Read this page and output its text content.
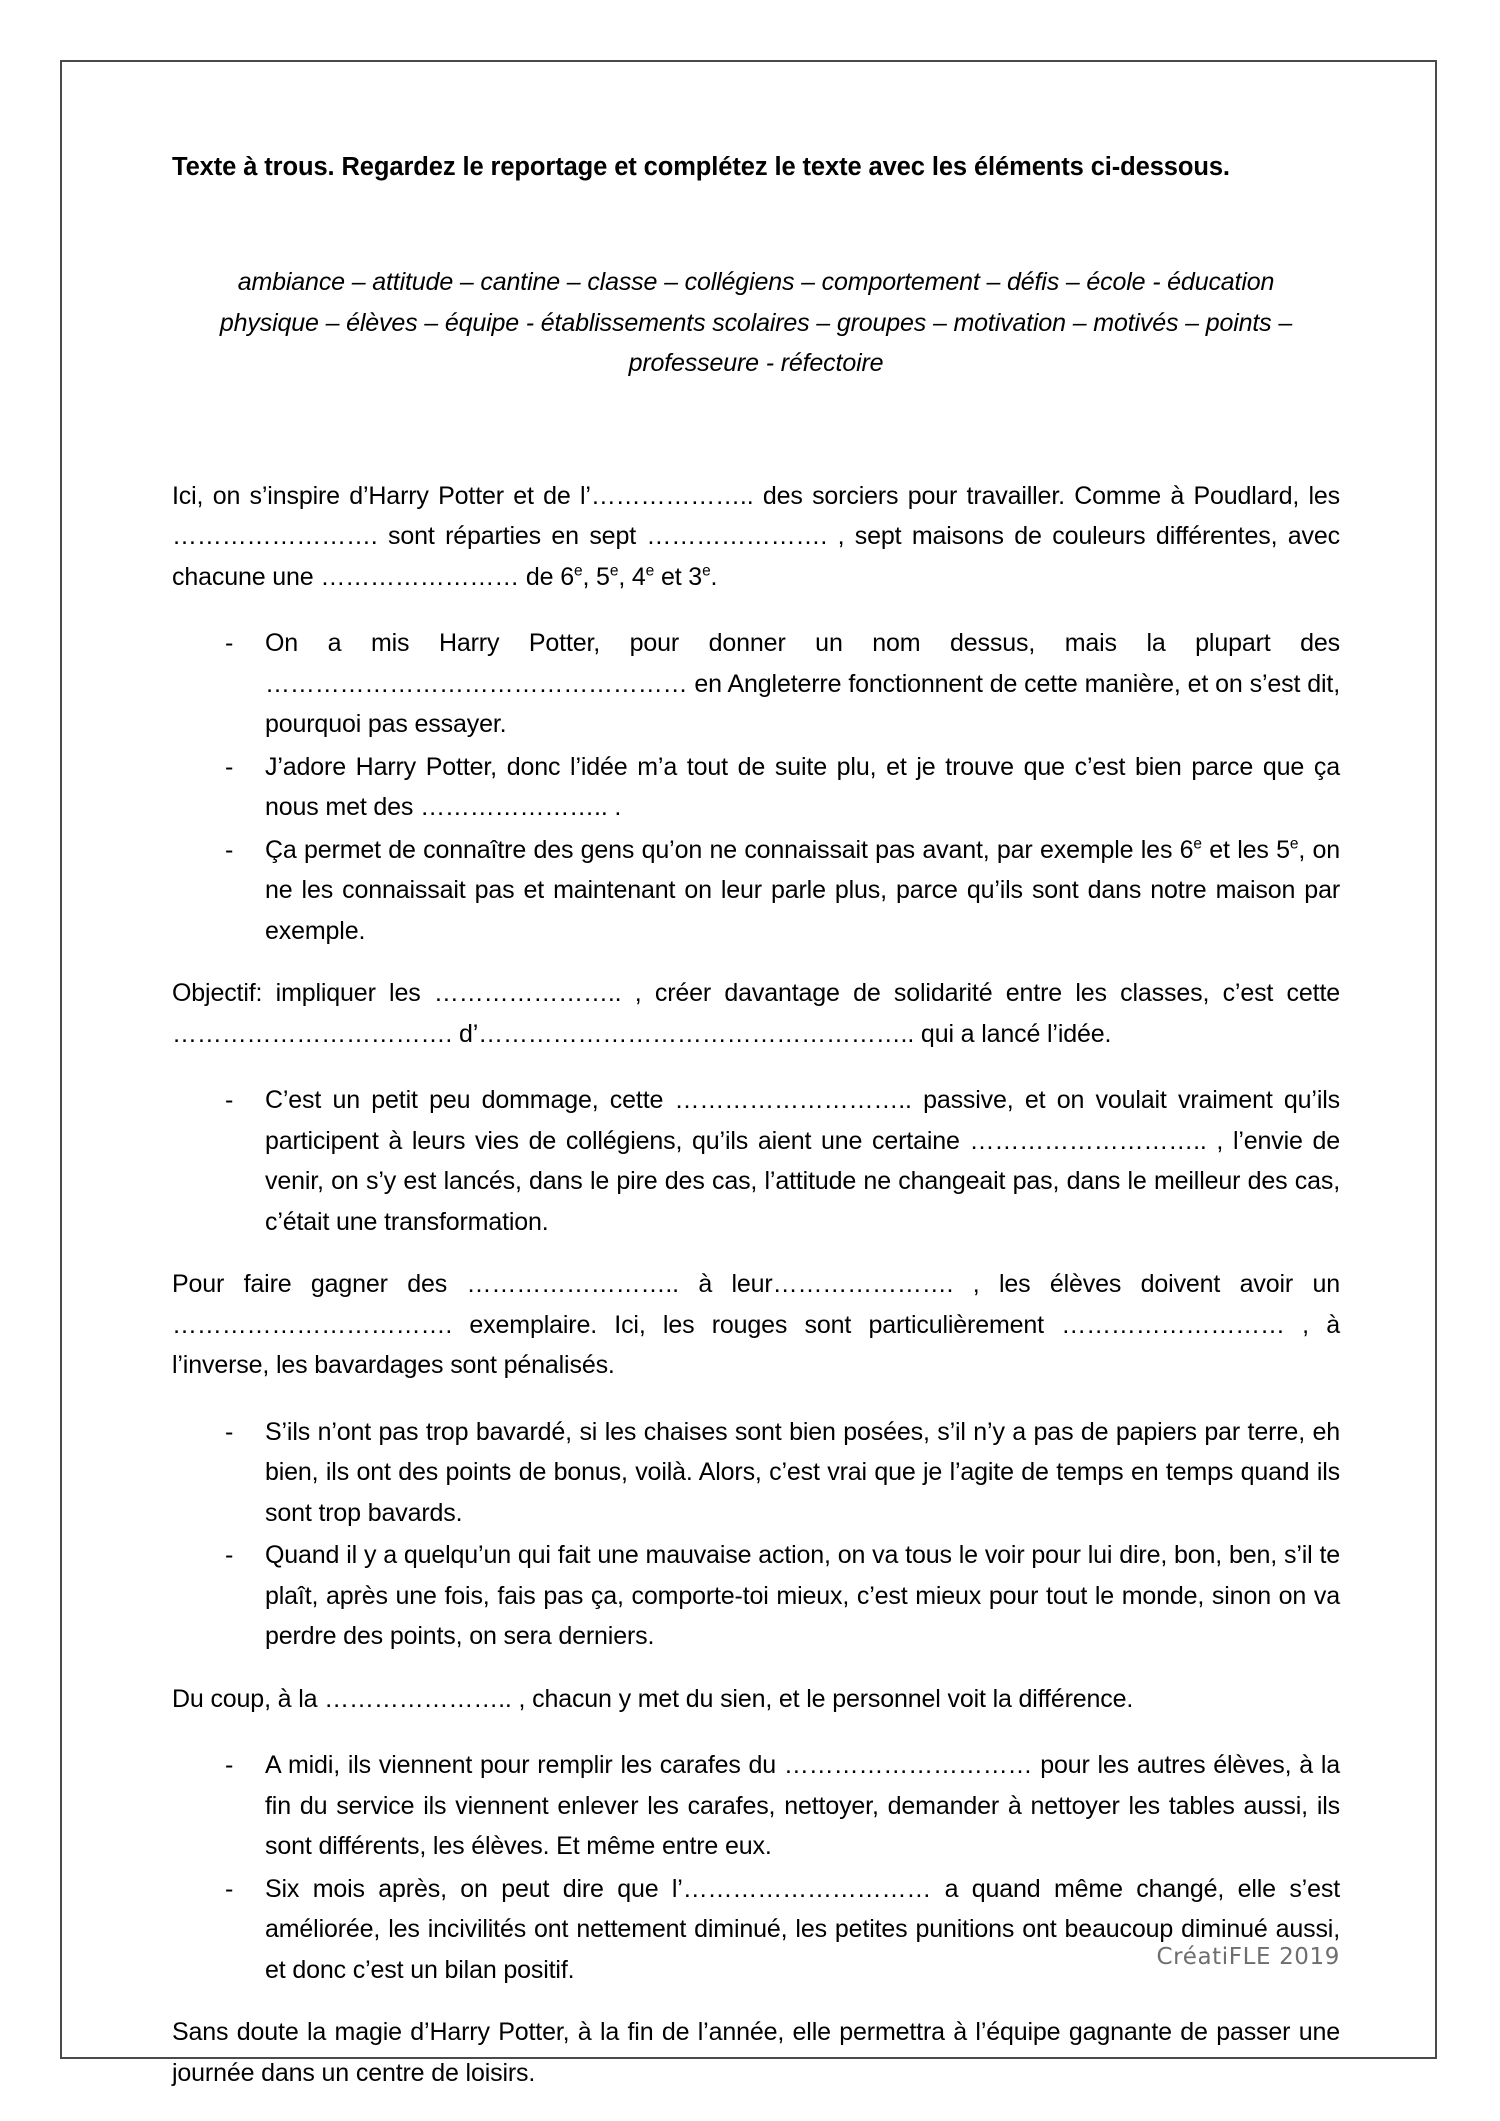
Texte à trous. Regardez le reportage et complétez le texte avec les éléments ci-dessous.
ambiance – attitude – cantine – classe – collégiens – comportement – défis – école - éducation physique – élèves – équipe - établissements scolaires – groupes – motivation – motivés – points – professeure - réfectoire

Ici, on s’inspire d’Harry Potter et de l’……………….. des sorciers pour travailler. Comme à Poudlard, les ……………………. sont réparties en sept …………………. , sept maisons de couleurs différentes, avec chacune une …………………… de 6e, 5e, 4e et 3e.

- On a mis Harry Potter, pour donner un nom dessus, mais la plupart des …………………………………………… en Angleterre fonctionnent de cette manière, et on s’est dit, pourquoi pas essayer.
- J’adore Harry Potter, donc l’idée m’a tout de suite plu, et je trouve que c’est bien parce que ça nous met des ………………….. .
- Ça permet de connaître des gens qu’on ne connaissait pas avant, par exemple les 6e et les 5e, on ne les connaissait pas et maintenant on leur parle plus, parce qu’ils sont dans notre maison par exemple.

Objectif: impliquer les ………………….. , créer davantage de solidarité entre les classes, c’est cette ……………………………. d’…………………………………………….. qui a lancé l’idée.

- C’est un petit peu dommage, cette ……………………….. passive, et on voulait vraiment qu’ils participent à leurs vies de collégiens, qu’ils aient une certaine ……………………….. , l’envie de venir, on s’y est lancés, dans le pire des cas, l’attitude ne changeait pas, dans le meilleur des cas, c’était une transformation.

Pour faire gagner des …………………….. à leur…………………. , les élèves doivent avoir un ……………………………. exemplaire. Ici, les rouges sont particulièrement ……………………… , à l’inverse, les bavardages sont pénalisés.

- S’ils n’ont pas trop bavardé, si les chaises sont bien posées, s’il n’y a pas de papiers par terre, eh bien, ils ont des points de bonus, voilà. Alors, c’est vrai que je l’agite de temps en temps quand ils sont trop bavards.
- Quand il y a quelqu’un qui fait une mauvaise action, on va tous le voir pour lui dire, bon, ben, s’il te plaît, après une fois, fais pas ça, comporte-toi mieux, c’est mieux pour tout le monde, sinon on va perdre des points, on sera derniers.

Du coup, à la ………………….. , chacun y met du sien, et le personnel voit la différence.

- A midi, ils viennent pour remplir les carafes du ………………………… pour les autres élèves, à la fin du service ils viennent enlever les carafes, nettoyer, demander à nettoyer les tables aussi, ils sont différents, les élèves. Et même entre eux.
- Six mois après, on peut dire que l’………………………… a quand même changé, elle s’est améliorée, les incivilités ont nettement diminué, les petites punitions ont beaucoup diminué aussi, et donc c’est un bilan positif.

Sans doute la magie d’Harry Potter, à la fin de l’année, elle permettra à l’équipe gagnante de passer une journée dans un centre de loisirs.

CréatiFLE 2019
